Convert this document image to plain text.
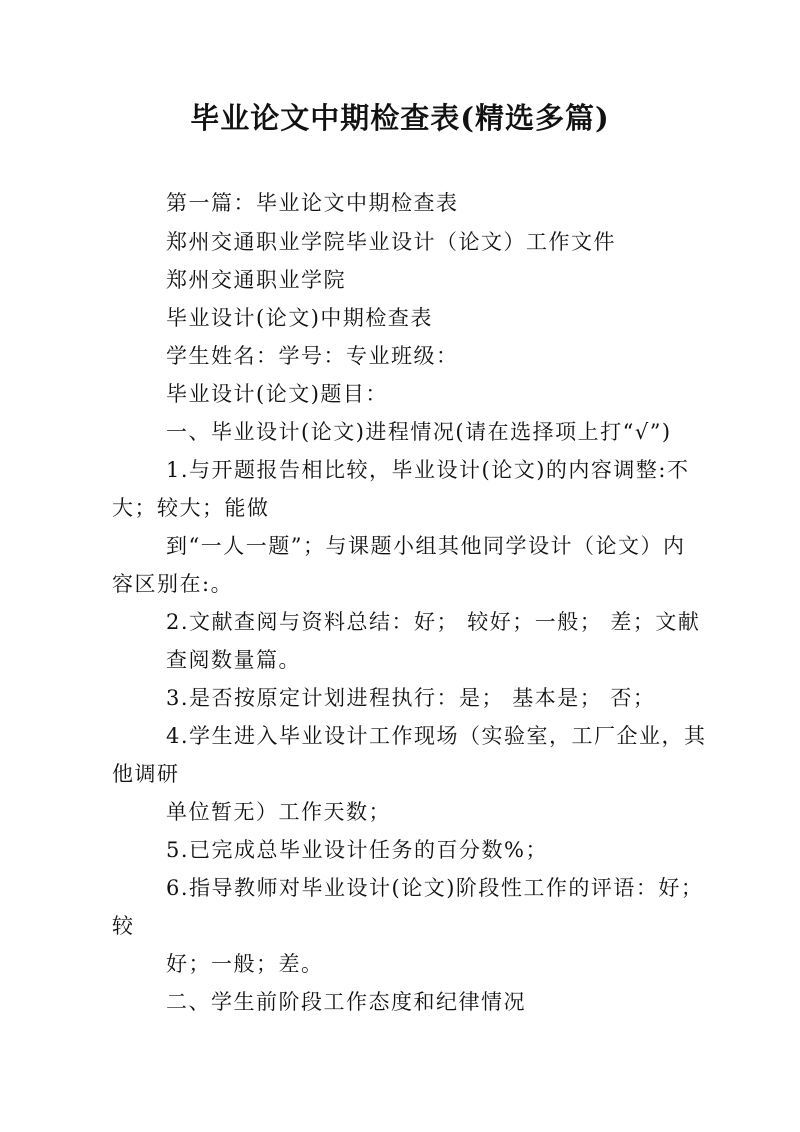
毕业论文中期检查表(精选多篇)
第一篇：毕业论文中期检查表
郑州交通职业学院毕业设计（论文）工作文件
郑州交通职业学院
毕业设计(论文)中期检查表
学生姓名：学号：专业班级：
毕业设计(论文)题目：
一、毕业设计(论文)进程情况(请在选择项上打“√”)
1.与开题报告相比较，毕业设计(论文)的内容调整:不
大；较大；能做
到“一人一题”；与课题小组其他同学设计（论文）内
容区别在:。
2.文献查阅与资料总结：好； 较好；一般； 差；文献
查阅数量篇。
3.是否按原定计划进程执行：是； 基本是； 否；
4.学生进入毕业设计工作现场（实验室，工厂企业，其
他调研
单位暂无）工作天数；
5.已完成总毕业设计任务的百分数%；
6.指导教师对毕业设计(论文)阶段性工作的评语：好；
较
好；一般；差。
二、学生前阶段工作态度和纪律情况
